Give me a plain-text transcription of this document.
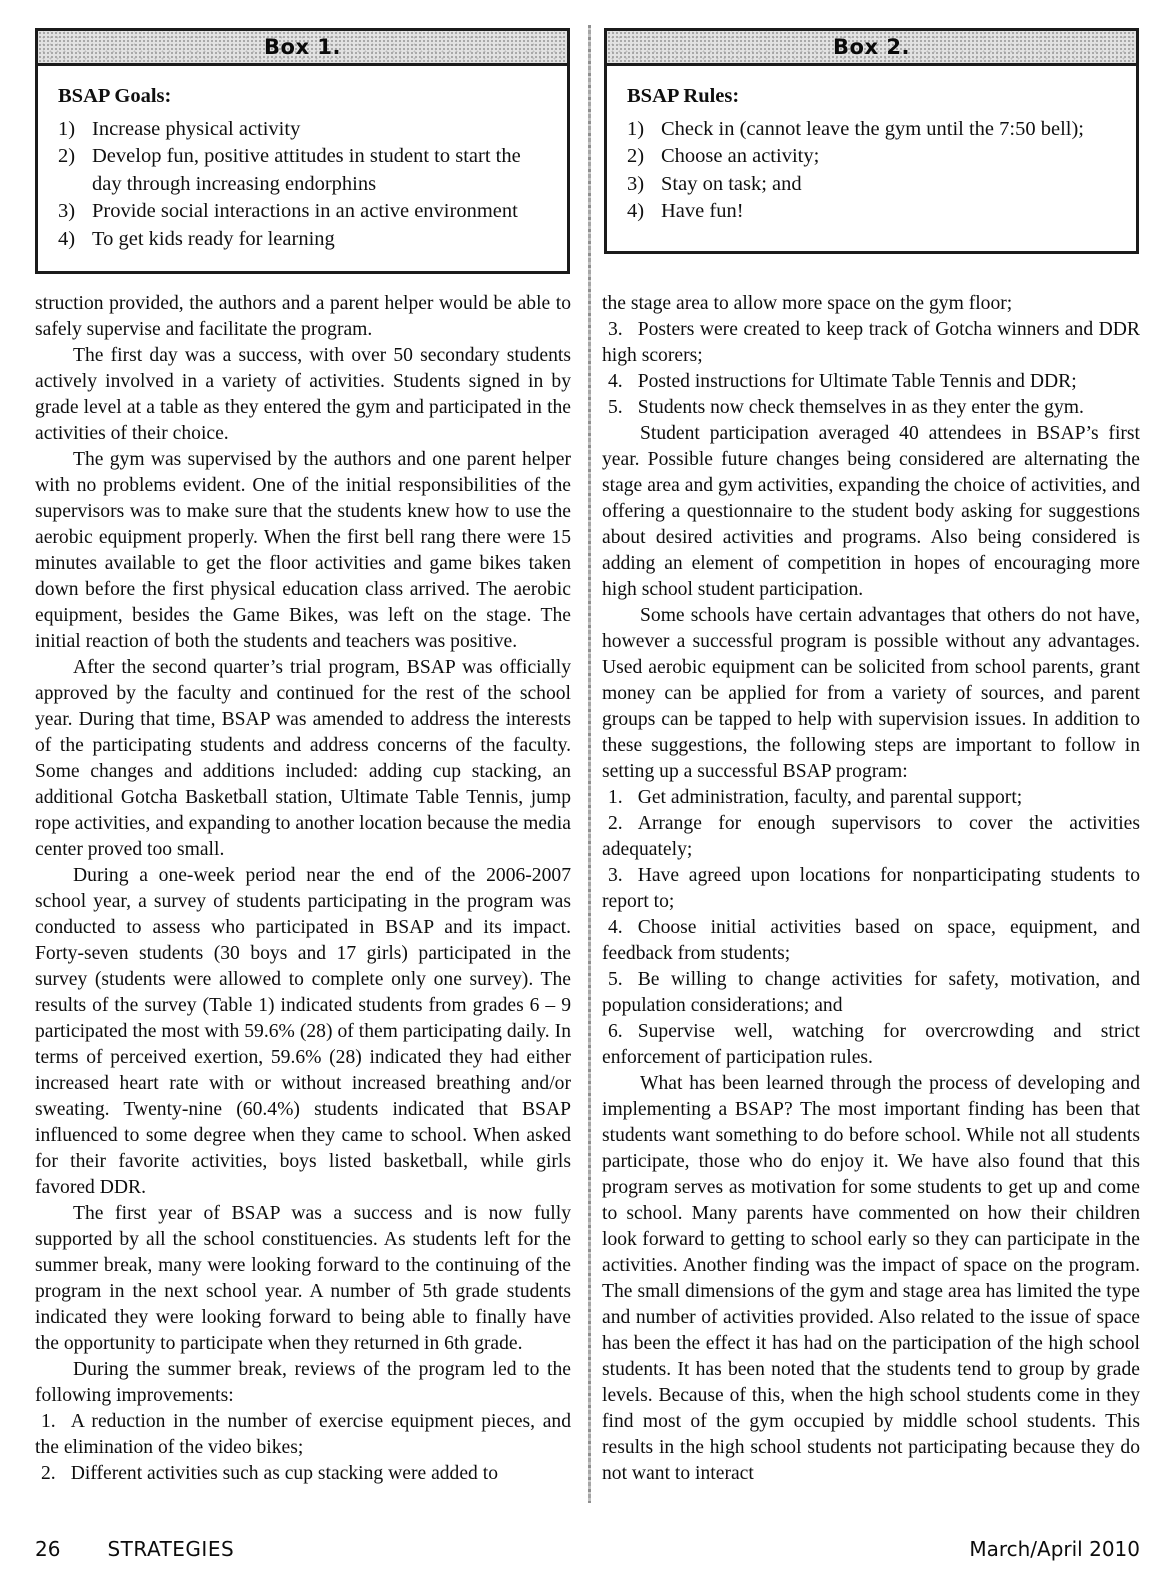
Box 1.

BSAP Goals:

1) Increase physical activity
2) Develop fun, positive attitudes in student to start the day through increasing endorphins
3) Provide social interactions in an active environment
4) To get kids ready for learning
Box 2.

BSAP Rules:

1) Check in (cannot leave the gym until the 7:50 bell);
2) Choose an activity;
3) Stay on task; and
4) Have fun!

struction provided, the authors and a parent helper would be able to safely supervise and facilitate the program.

The first day was a success, with over 50 secondary students actively involved in a variety of activities. Students signed in by grade level at a table as they entered the gym and participated in the activities of their choice.

The gym was supervised by the authors and one parent helper with no problems evident. One of the initial responsibilities of the supervisors was to make sure that the students knew how to use the aerobic equipment properly. When the first bell rang there were 15 minutes available to get the floor activities and game bikes taken down before the first physical education class arrived. The aerobic equipment, besides the Game Bikes, was left on the stage. The initial reaction of both the students and teachers was positive.

After the second quarter’s trial program, BSAP was officially approved by the faculty and continued for the rest of the school year. During that time, BSAP was amended to address the interests of the participating students and address concerns of the faculty. Some changes and additions included: adding cup stacking, an additional Gotcha Basketball station, Ultimate Table Tennis, jump rope activities, and expanding to another location because the media center proved too small.

During a one-week period near the end of the 2006-2007 school year, a survey of students participating in the program was conducted to assess who participated in BSAP and its impact. Forty-seven students (30 boys and 17 girls) participated in the survey (students were allowed to complete only one survey). The results of the survey (Table 1) indicated students from grades 6 – 9 participated the most with 59.6% (28) of them participating daily. In terms of perceived exertion, 59.6% (28) indicated they had either increased heart rate with or without increased breathing and/or sweating. Twenty-nine (60.4%) students indicated that BSAP influenced to some degree when they came to school. When asked for their favorite activities, boys listed basketball, while girls favored DDR.

The first year of BSAP was a success and is now fully supported by all the school constituencies. As students left for the summer break, many were looking forward to the continuing of the program in the next school year. A number of 5th grade students indicated they were looking forward to being able to finally have the opportunity to participate when they returned in 6th grade.

During the summer break, reviews of the program led to the following improvements:

1. A reduction in the number of exercise equipment pieces, and the elimination of the video bikes;

2. Different activities such as cup stacking were added to

the stage area to allow more space on the gym floor;

3. Posters were created to keep track of Gotcha winners and DDR high scorers;

4. Posted instructions for Ultimate Table Tennis and DDR;

5. Students now check themselves in as they enter the gym.

Student participation averaged 40 attendees in BSAP’s first year. Possible future changes being considered are alternating the stage area and gym activities, expanding the choice of activities, and offering a questionnaire to the student body asking for suggestions about desired activities and programs. Also being considered is adding an element of competition in hopes of encouraging more high school student participation.

Some schools have certain advantages that others do not have, however a successful program is possible without any advantages. Used aerobic equipment can be solicited from school parents, grant money can be applied for from a variety of sources, and parent groups can be tapped to help with supervision issues. In addition to these suggestions, the following steps are important to follow in setting up a successful BSAP program:

1. Get administration, faculty, and parental support;

2. Arrange for enough supervisors to cover the activities adequately;

3. Have agreed upon locations for nonparticipating students to report to;

4. Choose initial activities based on space, equipment, and feedback from students;

5. Be willing to change activities for safety, motivation, and population considerations; and

6. Supervise well, watching for overcrowding and strict enforcement of participation rules.

What has been learned through the process of developing and implementing a BSAP? The most important finding has been that students want something to do before school. While not all students participate, those who do enjoy it. We have also found that this program serves as motivation for some students to get up and come to school. Many parents have commented on how their children look forward to getting to school early so they can participate in the activities. Another finding was the impact of space on the program. The small dimensions of the gym and stage area has limited the type and number of activities provided. Also related to the issue of space has been the effect it has had on the participation of the high school students. It has been noted that the students tend to group by grade levels. Because of this, when the high school students come in they find most of the gym occupied by middle school students. This results in the high school students not participating because they do not want to interact

26 STRATEGIES	March/April 2010
